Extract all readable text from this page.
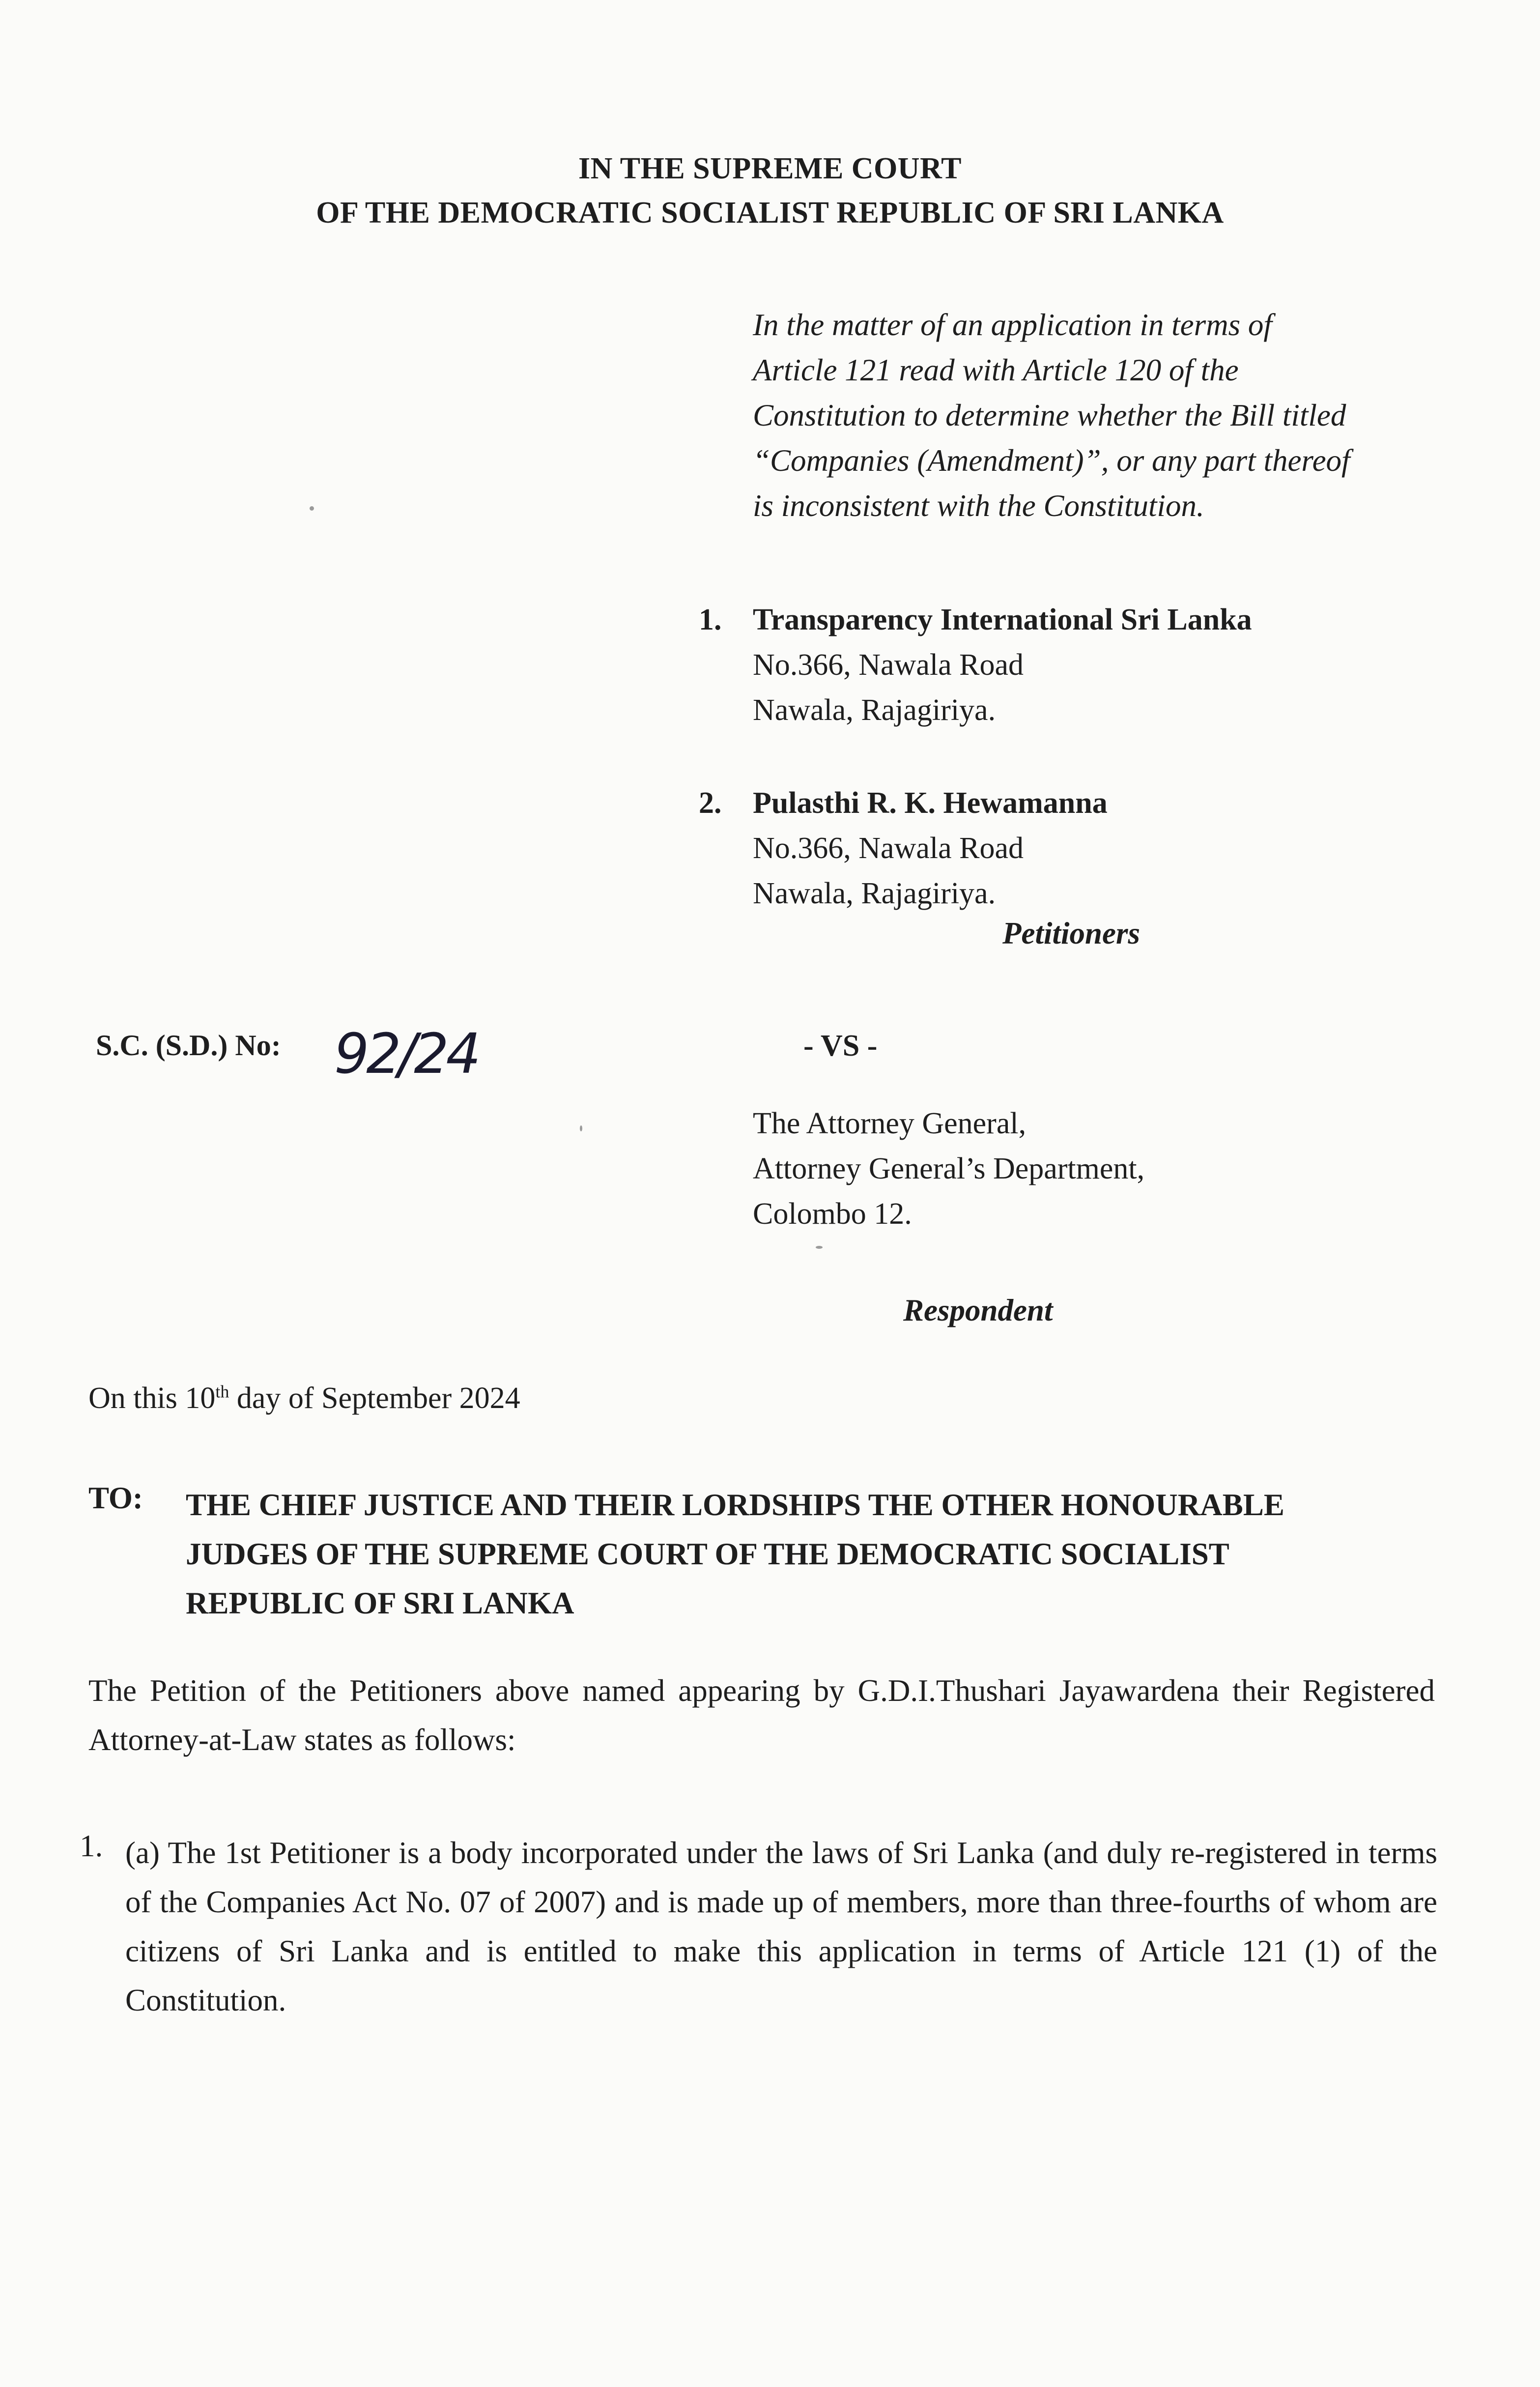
IN THE SUPREME COURT
OF THE DEMOCRATIC SOCIALIST REPUBLIC OF SRI LANKA
In the matter of an application in terms of
Article 121 read with Article 120 of the
Constitution to determine whether the Bill titled
“Companies (Amendment)”, or any part thereof
is inconsistent with the Constitution.
1. Transparency International Sri Lanka
No.366, Nawala Road
Nawala, Rajagiriya.
2. Pulasthi R. K. Hewamanna
No.366, Nawala Road
Nawala, Rajagiriya.
Petitioners
S.C. (S.D.) No: 92/24	- VS -
The Attorney General,
Attorney General’s Department,
Colombo 12.
Respondent
On this 10th day of September 2024
TO: THE CHIEF JUSTICE AND THEIR LORDSHIPS THE OTHER HONOURABLE
JUDGES OF THE SUPREME COURT OF THE DEMOCRATIC SOCIALIST
REPUBLIC OF SRI LANKA
The Petition of the Petitioners above named appearing by G.D.I.Thushari Jayawardena their Registered Attorney-at-Law states as follows:
1. (a) The 1st Petitioner is a body incorporated under the laws of Sri Lanka (and duly re-registered in terms of the Companies Act No. 07 of 2007) and is made up of members, more than three-fourths of whom are citizens of Sri Lanka and is entitled to make this application in terms of Article 121 (1) of the Constitution.
